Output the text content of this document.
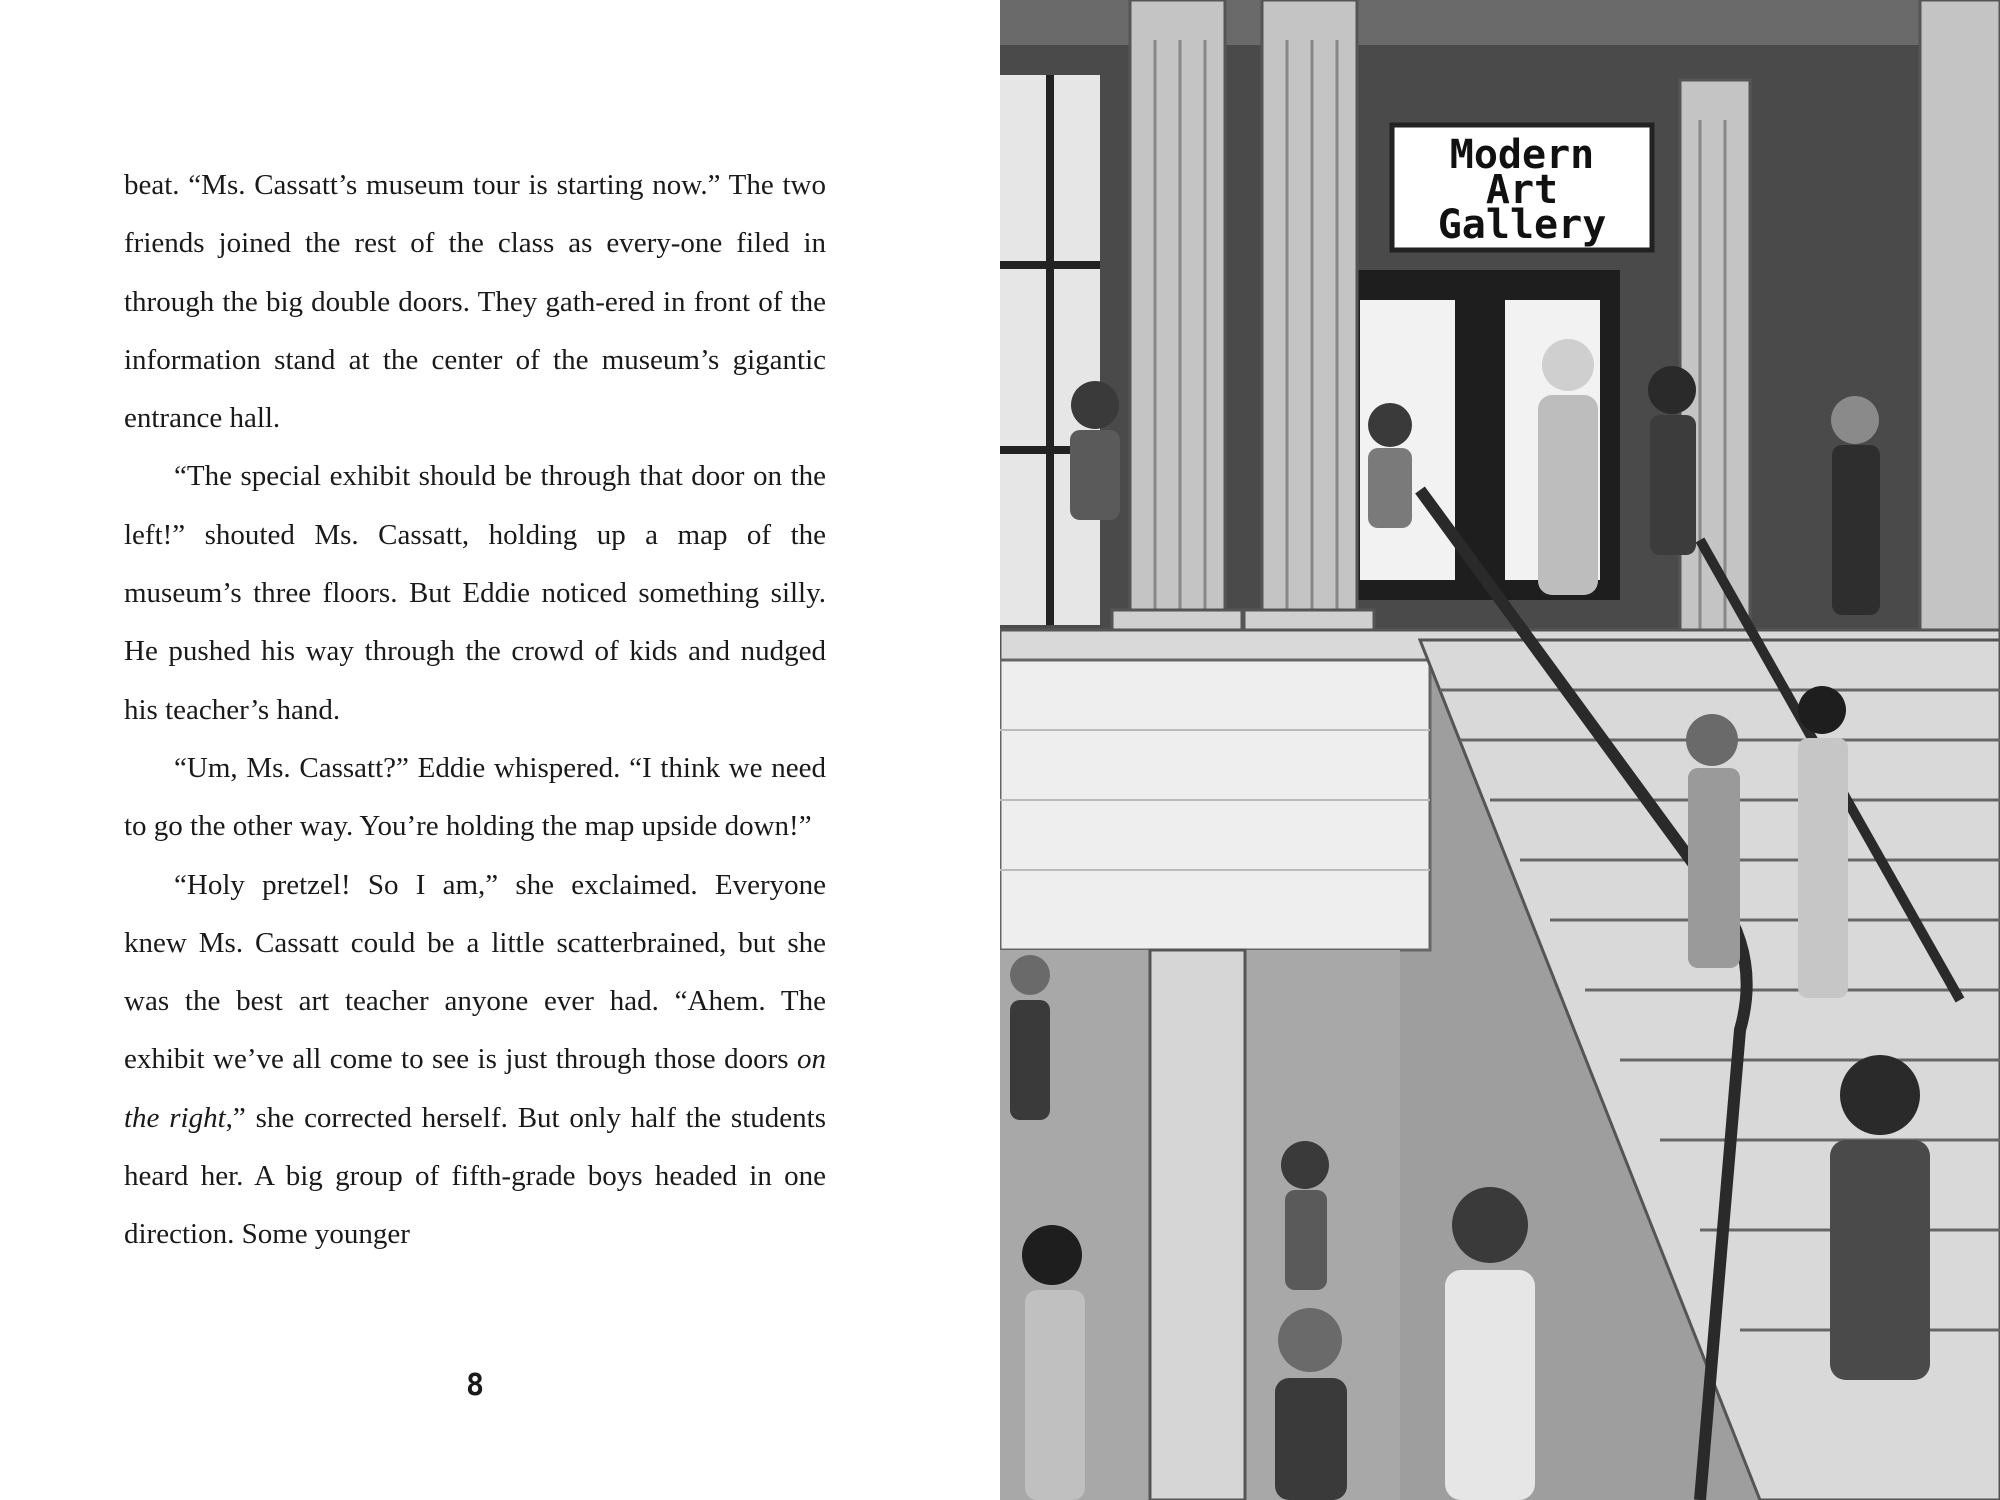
beat. “Ms. Cassatt’s museum tour is starting now.” The two friends joined the rest of the class as every-one filed in through the big double doors. They gath-ered in front of the information stand at the center of the museum’s gigantic entrance hall.

“The special exhibit should be through that door on the left!” shouted Ms. Cassatt, holding up a map of the museum’s three floors. But Eddie noticed something silly. He pushed his way through the crowd of kids and nudged his teacher’s hand.

“Um, Ms. Cassatt?” Eddie whispered. “I think we need to go the other way. You’re holding the map upside down!”

“Holy pretzel! So I am,” she exclaimed. Everyone knew Ms. Cassatt could be a little scatterbrained, but she was the best art teacher anyone ever had. “Ahem. The exhibit we’ve all come to see is just through those doors on the right,” she corrected herself. But only half the students heard her. A big group of fifth-grade boys headed in one direction. Some younger

8
Modern
Art
Gallery
